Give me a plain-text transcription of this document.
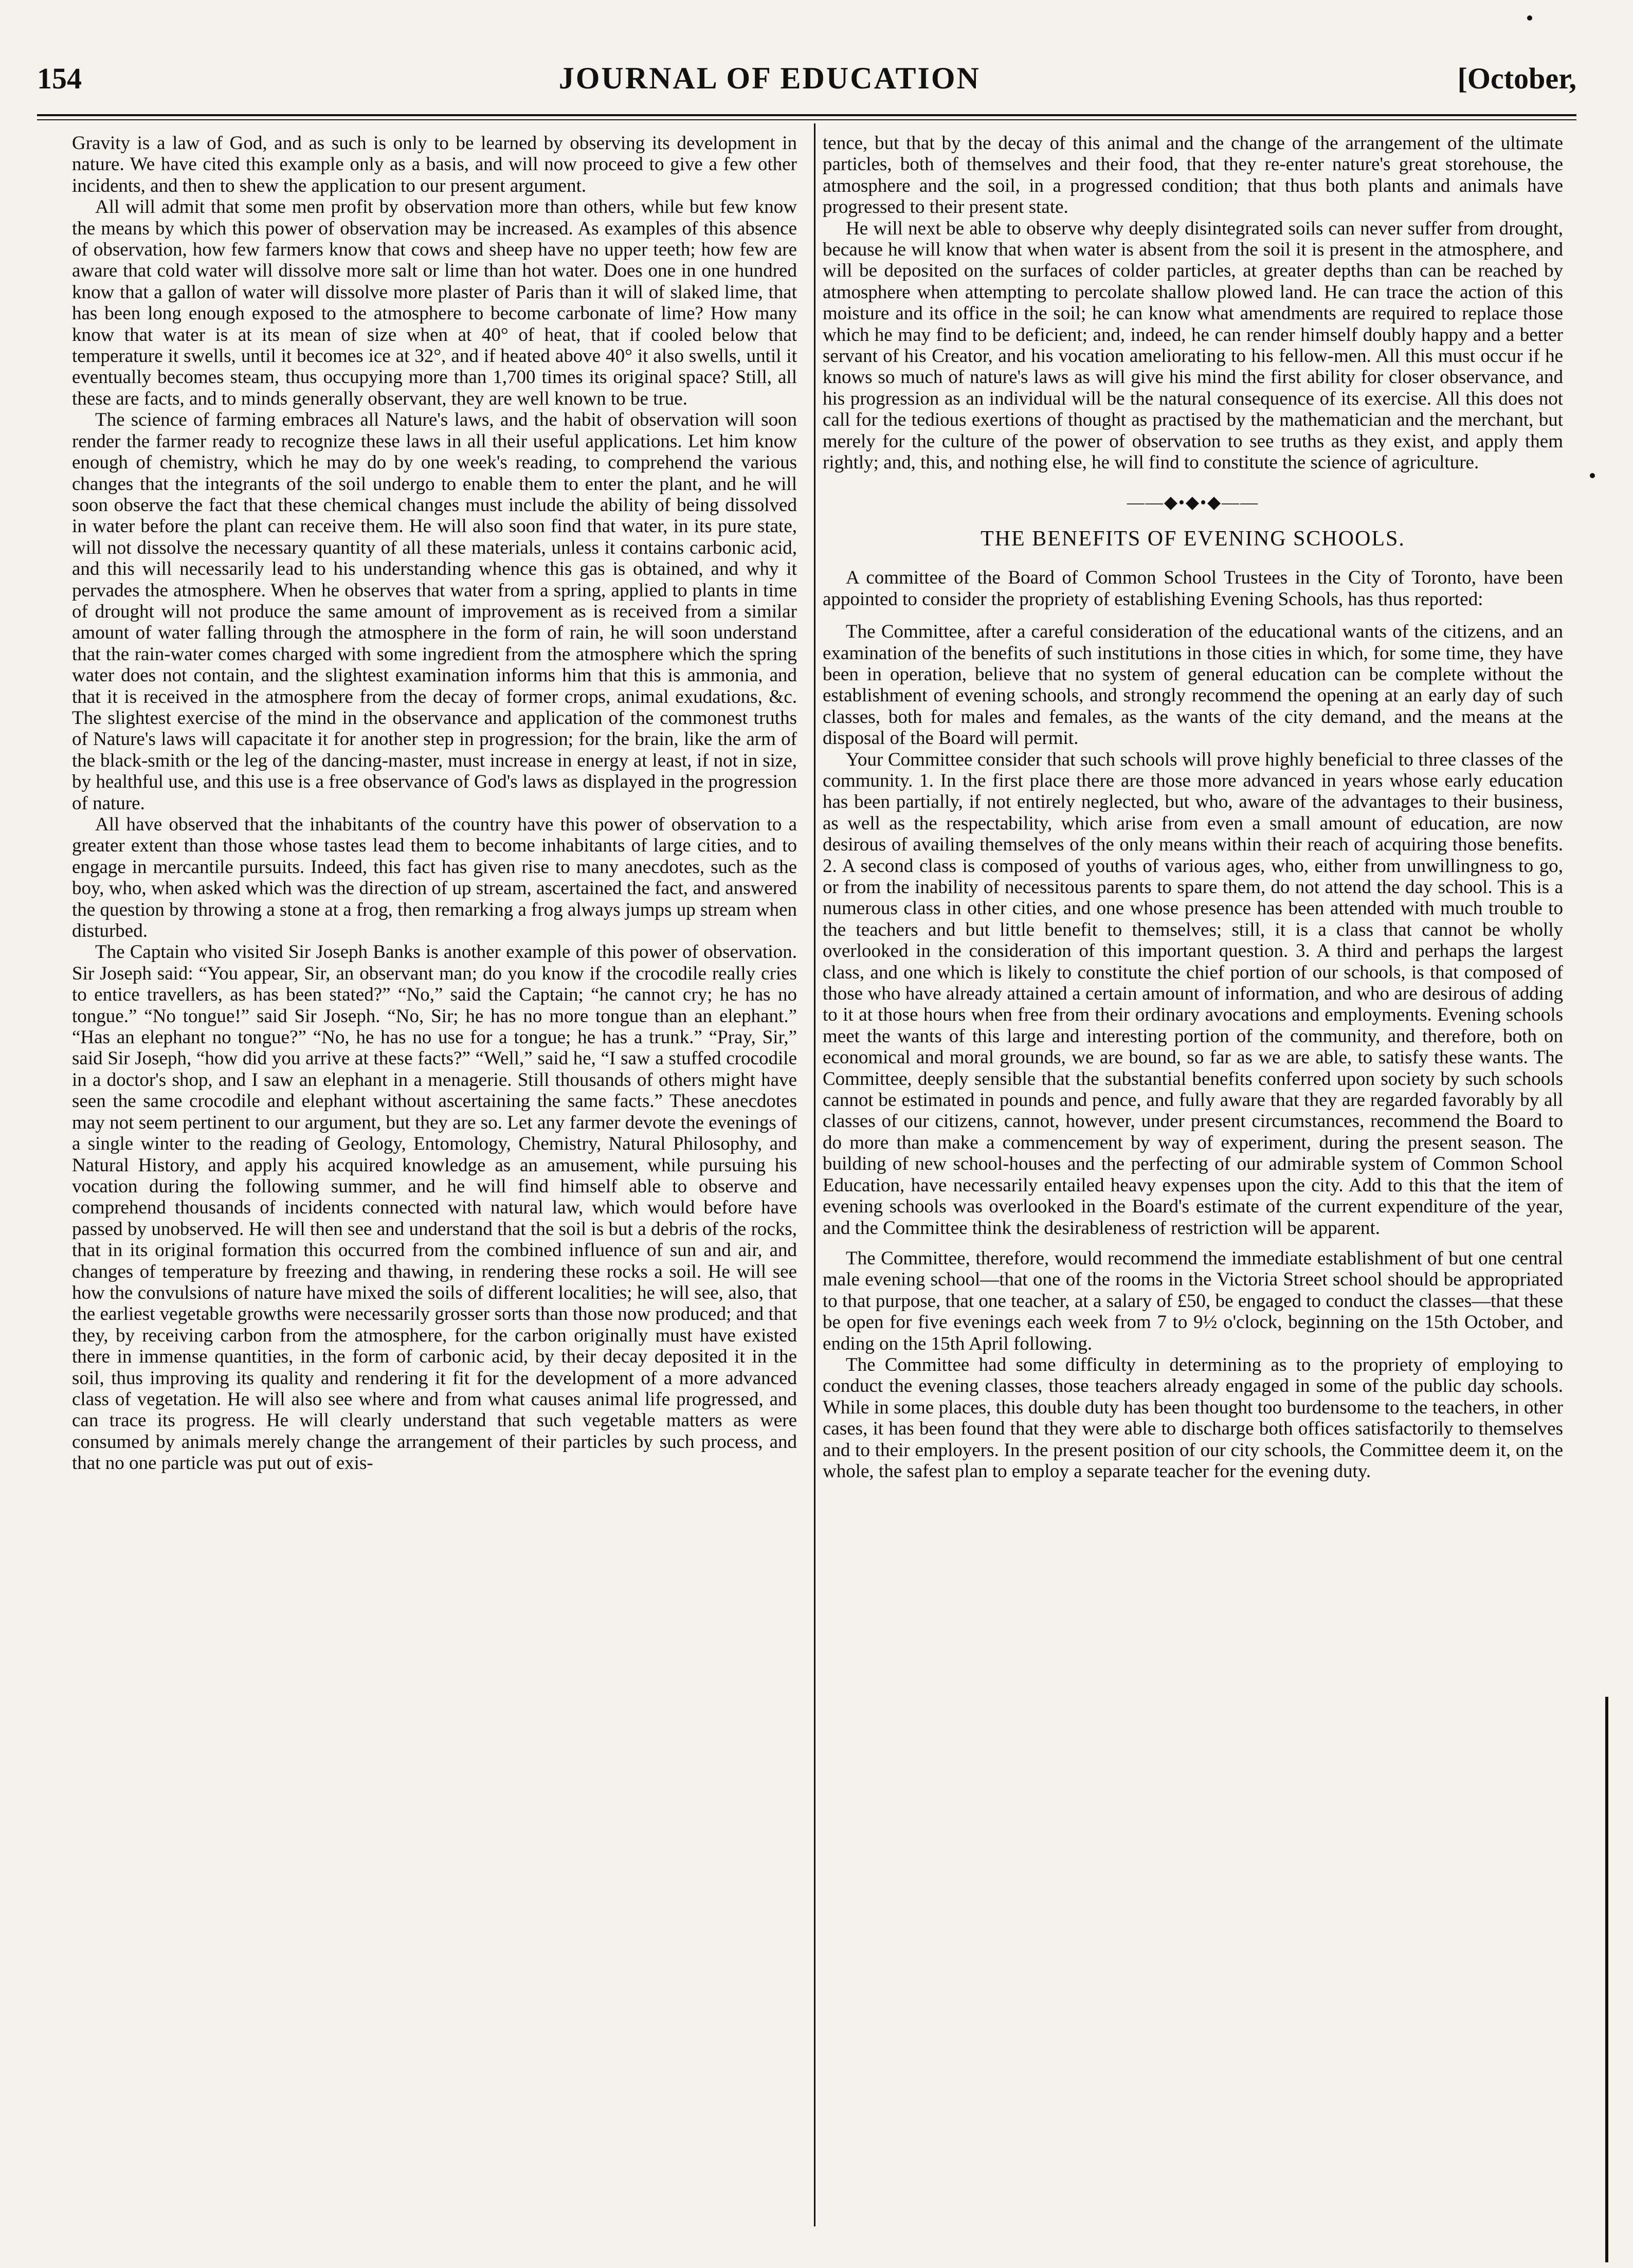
154	JOURNAL OF EDUCATION	[October,

Gravity is a law of God, and as such is only to be learned by observing its development in nature. We have cited this example only as a basis, and will now proceed to give a few other incidents, and then to shew the application to our present argument.

All will admit that some men profit by observation more than others, while but few know the means by which this power of observation may be increased. As examples of this absence of observation, how few farmers know that cows and sheep have no upper teeth; how few are aware that cold water will dissolve more salt or lime than hot water. Does one in one hundred know that a gallon of water will dissolve more plaster of Paris than it will of slaked lime, that has been long enough exposed to the atmosphere to become carbonate of lime? How many know that water is at its mean of size when at 40° of heat, that if cooled below that temperature it swells, until it becomes ice at 32°, and if heated above 40° it also swells, until it eventually becomes steam, thus occupying more than 1,700 times its original space? Still, all these are facts, and to minds generally observant, they are well known to be true.

The science of farming embraces all Nature's laws, and the habit of observation will soon render the farmer ready to recognize these laws in all their useful applications. Let him know enough of chemistry, which he may do by one week's reading, to comprehend the various changes that the integrants of the soil undergo to enable them to enter the plant, and he will soon observe the fact that these chemical changes must include the ability of being dissolved in water before the plant can receive them. He will also soon find that water, in its pure state, will not dissolve the necessary quantity of all these materials, unless it contains carbonic acid, and this will necessarily lead to his understanding whence this gas is obtained, and why it pervades the atmosphere. When he observes that water from a spring, applied to plants in time of drought will not produce the same amount of improvement as is received from a similar amount of water falling through the atmosphere in the form of rain, he will soon understand that the rain-water comes charged with some ingredient from the atmosphere which the spring water does not contain, and the slightest examination informs him that this is ammonia, and that it is received in the atmosphere from the decay of former crops, animal exudations, &c. The slightest exercise of the mind in the observance and application of the commonest truths of Nature's laws will capacitate it for another step in progression; for the brain, like the arm of the black-smith or the leg of the dancing-master, must increase in energy at least, if not in size, by healthful use, and this use is a free observance of God's laws as displayed in the progression of nature.

All have observed that the inhabitants of the country have this power of observation to a greater extent than those whose tastes lead them to become inhabitants of large cities, and to engage in mercantile pursuits. Indeed, this fact has given rise to many anecdotes, such as the boy, who, when asked which was the direction of up stream, ascertained the fact, and answered the question by throwing a stone at a frog, then remarking a frog always jumps up stream when disturbed.

The Captain who visited Sir Joseph Banks is another example of this power of observation. Sir Joseph said: “You appear, Sir, an observant man; do you know if the crocodile really cries to entice travellers, as has been stated?” “No,” said the Captain; “he cannot cry; he has no tongue.” “No tongue!” said Sir Joseph. “No, Sir; he has no more tongue than an elephant.” “Has an elephant no tongue?” “No, he has no use for a tongue; he has a trunk.” “Pray, Sir,” said Sir Joseph, “how did you arrive at these facts?” “Well,” said he, “I saw a stuffed crocodile in a doctor's shop, and I saw an elephant in a menagerie. Still thousands of others might have seen the same crocodile and elephant without ascertaining the same facts.” These anecdotes may not seem pertinent to our argument, but they are so. Let any farmer devote the evenings of a single winter to the reading of Geology, Entomology, Chemistry, Natural Philosophy, and Natural History, and apply his acquired knowledge as an amusement, while pursuing his vocation during the following summer, and he will find himself able to observe and comprehend thousands of incidents connected with natural law, which would before have passed by unobserved. He will then see and understand that the soil is but a debris of the rocks, that in its original formation this occurred from the combined influence of sun and air, and changes of temperature by freezing and thawing, in rendering these rocks a soil. He will see how the convulsions of nature have mixed the soils of different localities; he will see, also, that the earliest vegetable growths were necessarily grosser sorts than those now produced; and that they, by receiving carbon from the atmosphere, for the carbon originally must have existed there in immense quantities, in the form of carbonic acid, by their decay deposited it in the soil, thus improving its quality and rendering it fit for the development of a more advanced class of vegetation. He will also see where and from what causes animal life progressed, and can trace its progress. He will clearly understand that such vegetable matters as were consumed by animals merely change the arrangement of their particles by such process, and that no one particle was put out of exis-

tence, but that by the decay of this animal and the change of the arrangement of the ultimate particles, both of themselves and their food, that they re-enter nature's great storehouse, the atmosphere and the soil, in a progressed condition; that thus both plants and animals have progressed to their present state.

He will next be able to observe why deeply disintegrated soils can never suffer from drought, because he will know that when water is absent from the soil it is present in the atmosphere, and will be deposited on the surfaces of colder particles, at greater depths than can be reached by atmosphere when attempting to percolate shallow plowed land. He can trace the action of this moisture and its office in the soil; he can know what amendments are required to replace those which he may find to be deficient; and, indeed, he can render himself doubly happy and a better servant of his Creator, and his vocation ameliorating to his fellow-men. All this must occur if he knows so much of nature's laws as will give his mind the first ability for closer observance, and his progression as an individual will be the natural consequence of its exercise. All this does not call for the tedious exertions of thought as practised by the mathematician and the merchant, but merely for the culture of the power of observation to see truths as they exist, and apply them rightly; and, this, and nothing else, he will find to constitute the science of agriculture.

——◆•◆•◆——
THE BENEFITS OF EVENING SCHOOLS.

A committee of the Board of Common School Trustees in the City of Toronto, have been appointed to consider the propriety of establishing Evening Schools, has thus reported:

The Committee, after a careful consideration of the educational wants of the citizens, and an examination of the benefits of such institutions in those cities in which, for some time, they have been in operation, believe that no system of general education can be complete without the establishment of evening schools, and strongly recommend the opening at an early day of such classes, both for males and females, as the wants of the city demand, and the means at the disposal of the Board will permit.

Your Committee consider that such schools will prove highly beneficial to three classes of the community. 1. In the first place there are those more advanced in years whose early education has been partially, if not entirely neglected, but who, aware of the advantages to their business, as well as the respectability, which arise from even a small amount of education, are now desirous of availing themselves of the only means within their reach of acquiring those benefits. 2. A second class is composed of youths of various ages, who, either from unwillingness to go, or from the inability of necessitous parents to spare them, do not attend the day school. This is a numerous class in other cities, and one whose presence has been attended with much trouble to the teachers and but little benefit to themselves; still, it is a class that cannot be wholly overlooked in the consideration of this important question. 3. A third and perhaps the largest class, and one which is likely to constitute the chief portion of our schools, is that composed of those who have already attained a certain amount of information, and who are desirous of adding to it at those hours when free from their ordinary avocations and employments. Evening schools meet the wants of this large and interesting portion of the community, and therefore, both on economical and moral grounds, we are bound, so far as we are able, to satisfy these wants. The Committee, deeply sensible that the substantial benefits conferred upon society by such schools cannot be estimated in pounds and pence, and fully aware that they are regarded favorably by all classes of our citizens, cannot, however, under present circumstances, recommend the Board to do more than make a commencement by way of experiment, during the present season. The building of new school-houses and the perfecting of our admirable system of Common School Education, have necessarily entailed heavy expenses upon the city. Add to this that the item of evening schools was overlooked in the Board's estimate of the current expenditure of the year, and the Committee think the desirableness of restriction will be apparent.

The Committee, therefore, would recommend the immediate establishment of but one central male evening school—that one of the rooms in the Victoria Street school should be appropriated to that purpose, that one teacher, at a salary of £50, be engaged to conduct the classes—that these be open for five evenings each week from 7 to 9½ o'clock, beginning on the 15th October, and ending on the 15th April following.

The Committee had some difficulty in determining as to the propriety of employing to conduct the evening classes, those teachers already engaged in some of the public day schools. While in some places, this double duty has been thought too burdensome to the teachers, in other cases, it has been found that they were able to discharge both offices satisfactorily to themselves and to their employers. In the present position of our city schools, the Committee deem it, on the whole, the safest plan to employ a separate teacher for the evening duty.
